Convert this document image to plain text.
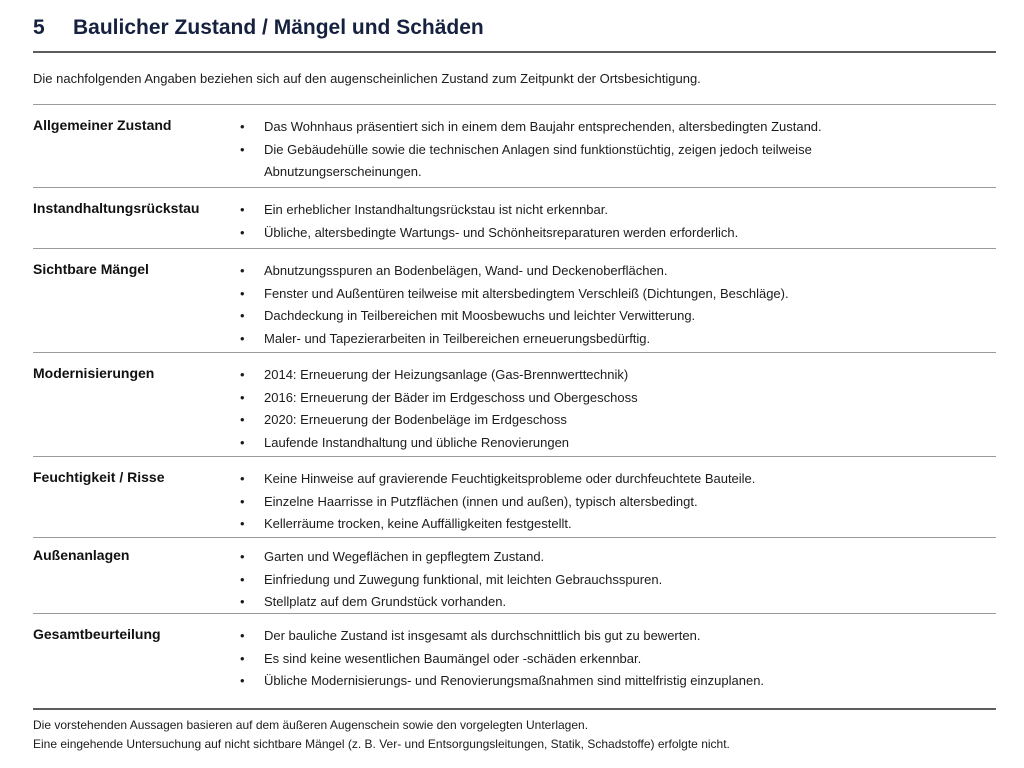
5 Baulicher Zustand / Mängel und Schäden
Die nachfolgenden Angaben beziehen sich auf den augenscheinlichen Zustand zum Zeitpunkt der Ortsbesichtigung.
Allgemeiner Zustand	• Das Wohnhaus präsentiert sich in einem dem Baujahr entsprechenden, altersbedingten Zustand.
• Die Gebäudehülle sowie die technischen Anlagen sind funktionstüchtig, zeigen jedoch teilweise Abnutzungserscheinungen.
Instandhaltungsrückstau	• Ein erheblicher Instandhaltungsrückstau ist nicht erkennbar.
• Übliche, altersbedingte Wartungs- und Schönheitsreparaturen werden erforderlich.
Sichtbare Mängel	• Abnutzungsspuren an Bodenbelägen, Wand- und Deckenoberflächen.
• Fenster und Außentüren teilweise mit altersbedingtem Verschleiß (Dichtungen, Beschläge).
• Dachdeckung in Teilbereichen mit Moosbewuchs und leichter Verwitterung.
• Maler- und Tapezierarbeiten in Teilbereichen erneuerungsbedürftig.
Modernisierungen	• 2014: Erneuerung der Heizungsanlage (Gas-Brennwerttechnik)
• 2016: Erneuerung der Bäder im Erdgeschoss und Obergeschoss
• 2020: Erneuerung der Bodenbeläge im Erdgeschoss
• Laufende Instandhaltung und übliche Renovierungen
Feuchtigkeit / Risse	• Keine Hinweise auf gravierende Feuchtigkeitsprobleme oder durchfeuchtete Bauteile.
• Einzelne Haarrisse in Putzflächen (innen und außen), typisch altersbedingt.
• Kellerräume trocken, keine Auffälligkeiten festgestellt.
Außenanlagen	• Garten und Wegeflächen in gepflegtem Zustand.
• Einfriedung und Zuwegung funktional, mit leichten Gebrauchsspuren.
• Stellplatz auf dem Grundstück vorhanden.
Gesamtbeurteilung	• Der bauliche Zustand ist insgesamt als durchschnittlich bis gut zu bewerten.
• Es sind keine wesentlichen Baumängel oder -schäden erkennbar.
• Übliche Modernisierungs- und Renovierungsmaßnahmen sind mittelfristig einzuplanen.
Die vorstehenden Aussagen basieren auf dem äußeren Augenschein sowie den vorgelegten Unterlagen.
Eine eingehende Untersuchung auf nicht sichtbare Mängel (z. B. Ver- und Entsorgungsleitungen, Statik, Schadstoffe) erfolgte nicht.
